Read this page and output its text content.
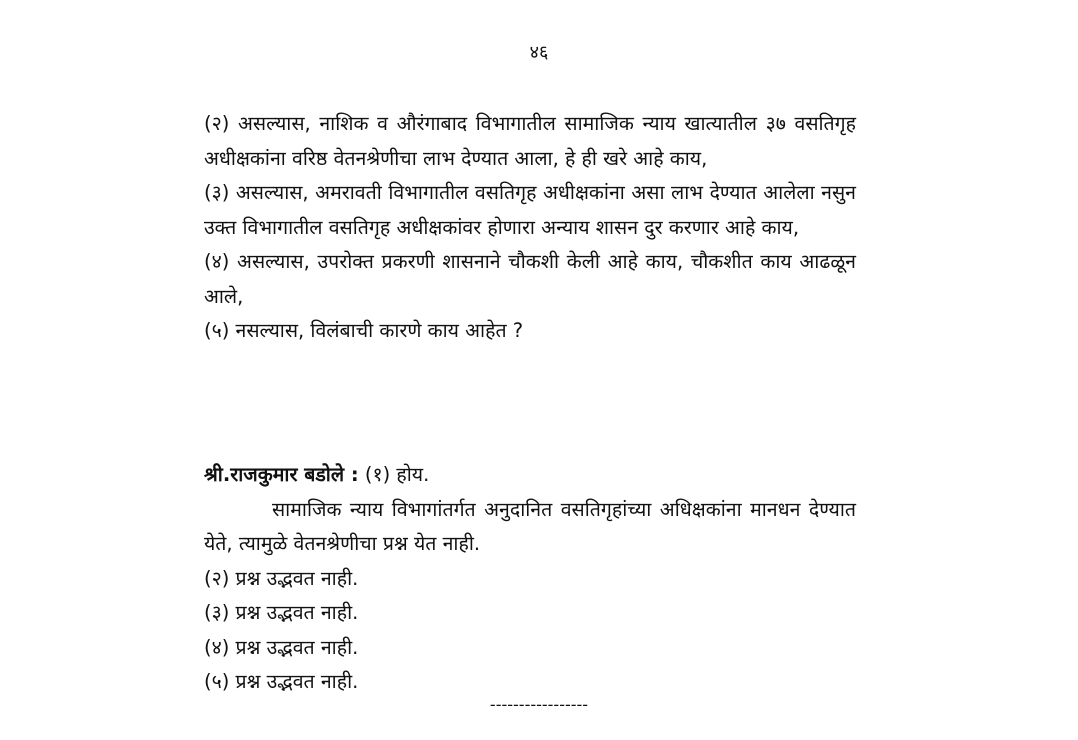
४६

(२) असल्यास, नाशिक व औरंगाबाद विभागातील सामाजिक न्याय खात्यातील ३७ वसतिगृह अधीक्षकांना वरिष्ठ वेतनश्रेणीचा लाभ देण्यात आला, हे ही खरे आहे काय,

(३) असल्यास, अमरावती विभागातील वसतिगृह अधीक्षकांना असा लाभ देण्यात आलेला नसुन उक्त विभागातील वसतिगृह अधीक्षकांवर होणारा अन्याय शासन दुर करणार आहे काय,

(४) असल्यास, उपरोक्त प्रकरणी शासनाने चौकशी केली आहे काय, चौकशीत काय आढळून आले,

(५) नसल्यास, विलंबाची कारणे काय आहेत ?

श्री.राजकुमार बडोले : (१) होय.

सामाजिक न्याय विभागांतर्गत अनुदानित वसतिगृहांच्या अधिक्षकांना मानधन देण्यात येते, त्यामुळे वेतनश्रेणीचा प्रश्न येत नाही.

(२) प्रश्न उद्भवत नाही.

(३) प्रश्न उद्भवत नाही.

(४) प्रश्न उद्भवत नाही.

(५) प्रश्न उद्भवत नाही.

-----------------
